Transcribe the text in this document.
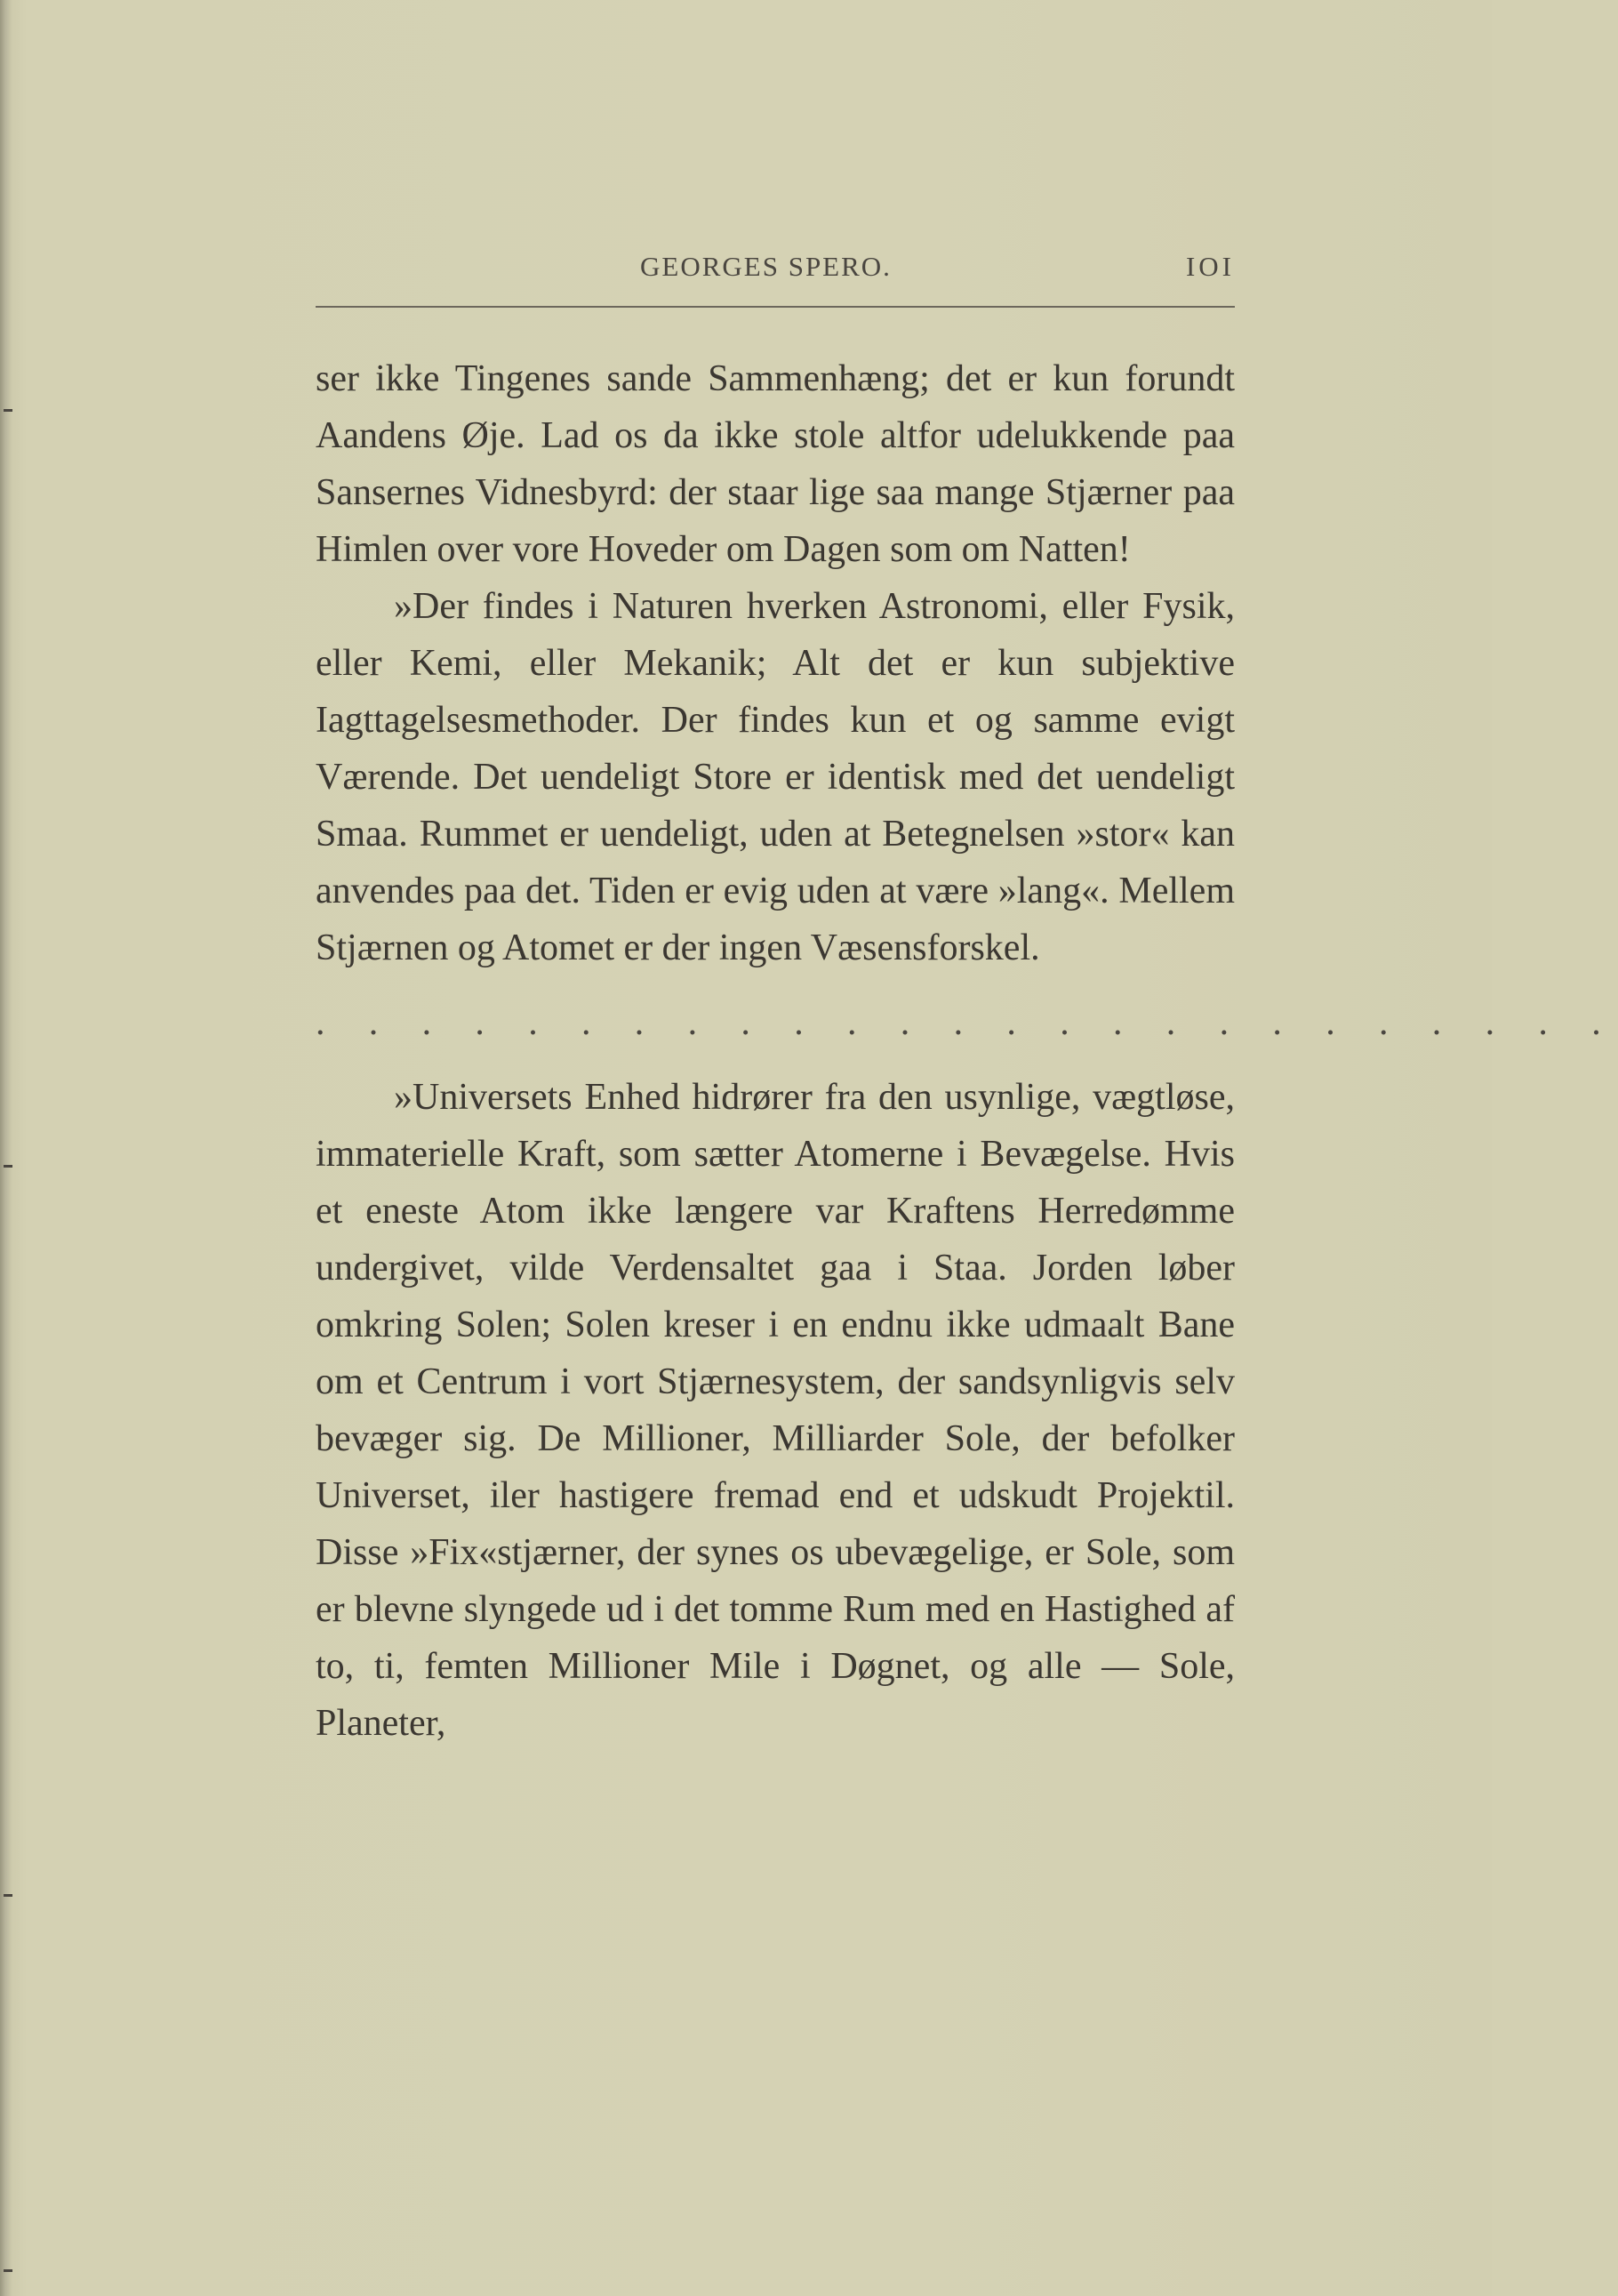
GEORGES SPERO.	IOI

ser ikke Tingenes sande Sammenhæng; det er kun forundt Aandens Øje. Lad os da ikke stole altfor udelukkende paa Sansernes Vidnesbyrd: der staar lige saa mange Stjærner paa Himlen over vore Hoveder om Dagen som om Natten!

»Der findes i Naturen hverken Astronomi, eller Fysik, eller Kemi, eller Mekanik; Alt det er kun subjektive Iagttagelsesmethoder. Der findes kun et og samme evigt Værende. Det uendeligt Store er identisk med det uendeligt Smaa. Rummet er uendeligt, uden at Betegnelsen »stor« kan anvendes paa det. Tiden er evig uden at være »lang«. Mellem Stjærnen og Atomet er der ingen Væsensforskel.

. . . . . . . . . . . . . . . . . . . . . . . . .

»Universets Enhed hidrører fra den usynlige, vægtløse, immaterielle Kraft, som sætter Atomerne i Bevægelse. Hvis et eneste Atom ikke længere var Kraftens Herredømme undergivet, vilde Verdensaltet gaa i Staa. Jorden løber omkring Solen; Solen kreser i en endnu ikke udmaalt Bane om et Centrum i vort Stjærnesystem, der sandsynligvis selv bevæger sig. De Millioner, Milliarder Sole, der befolker Universet, iler hastigere fremad end et udskudt Projektil. Disse »Fix«stjærner, der synes os ubevægelige, er Sole, som er blevne slyngede ud i det tomme Rum med en Hastighed af to, ti, femten Millioner Mile i Døgnet, og alle — Sole, Planeter,
